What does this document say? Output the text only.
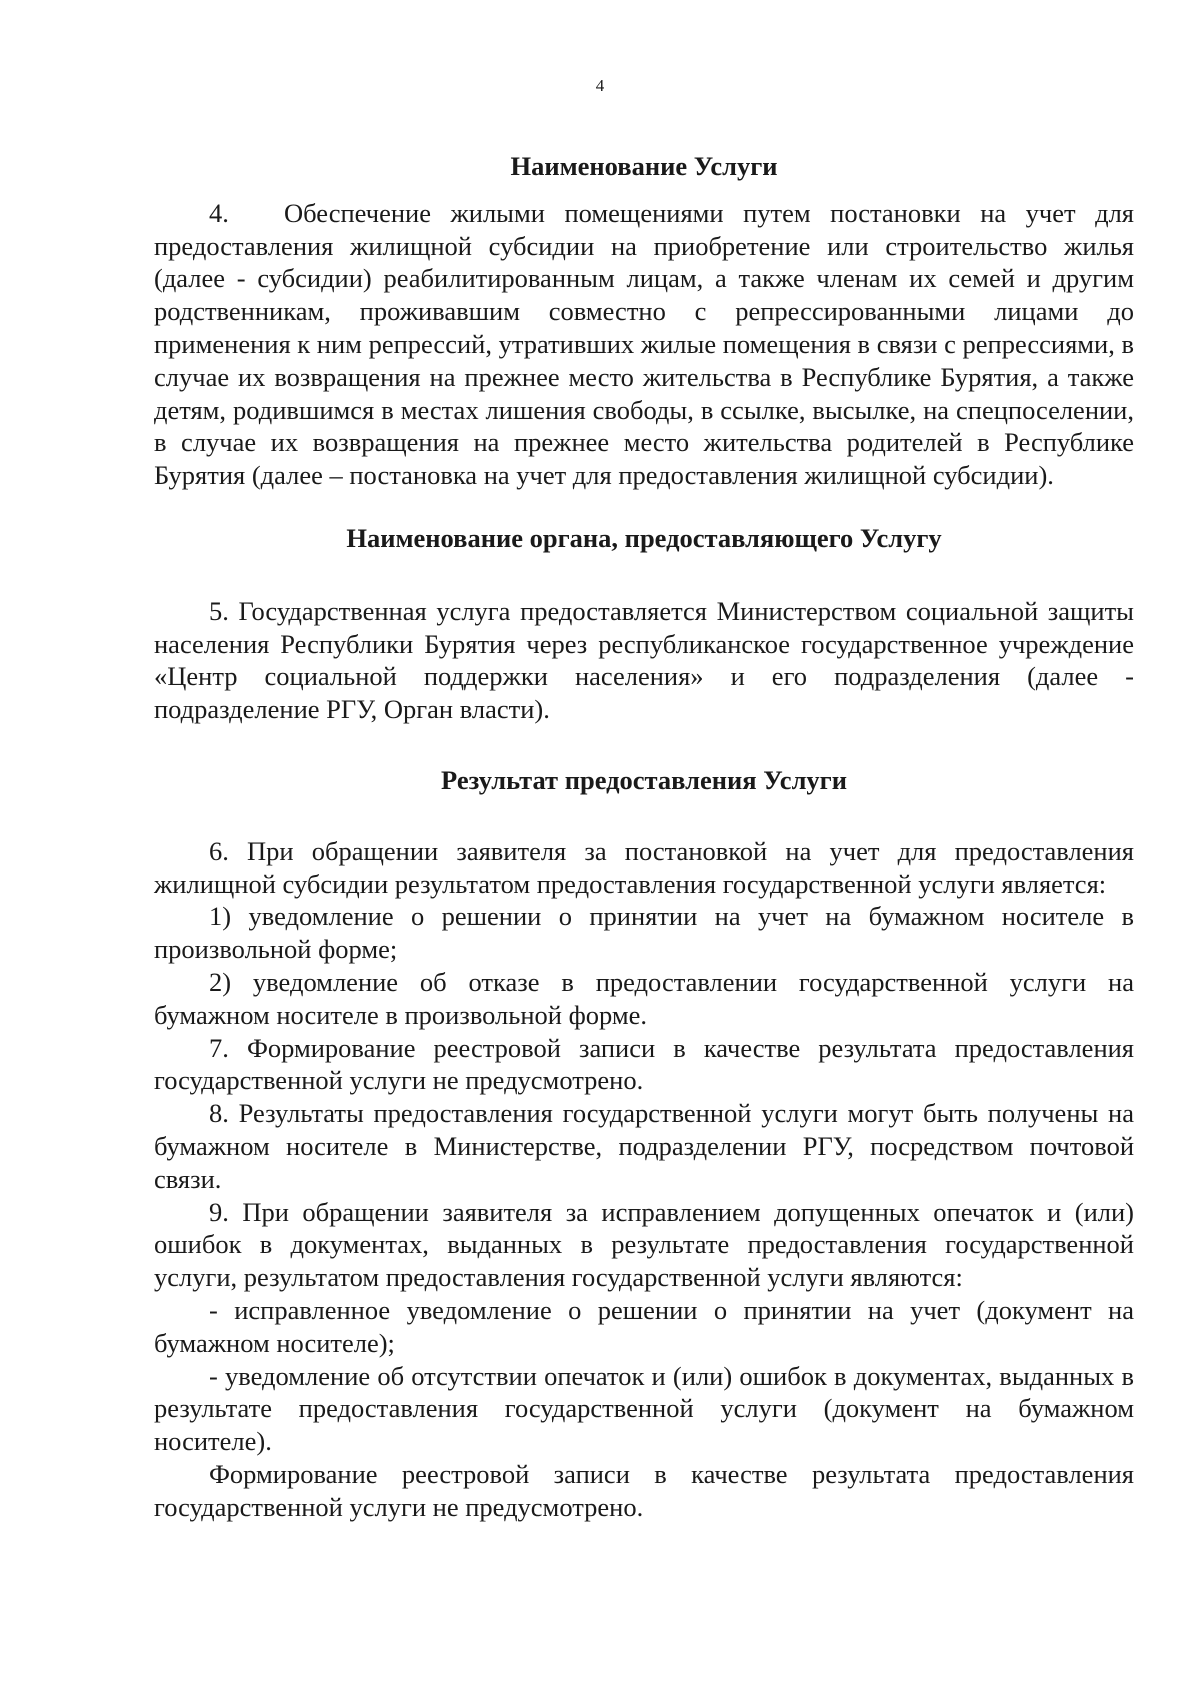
4

Наименование Услуги

4. Обеспечение жилыми помещениями путем постановки на учет для предоставления жилищной субсидии на приобретение или строительство жилья (далее - субсидии) реабилитированным лицам, а также членам их семей и другим родственникам, проживавшим совместно с репрессированными лицами до применения к ним репрессий, утративших жилые помещения в связи с репрессиями, в случае их возвращения на прежнее место жительства в Республике Бурятия, а также детям, родившимся в местах лишения свободы, в ссылке, высылке, на спецпоселении, в случае их возвращения на прежнее место жительства родителей в Республике Бурятия (далее – постановка на учет для предоставления жилищной субсидии).

Наименование органа, предоставляющего Услугу

5. Государственная услуга предоставляется Министерством социальной защиты населения Республики Бурятия через республиканское государственное учреждение «Центр социальной поддержки населения» и его подразделения (далее - подразделение РГУ, Орган власти).

Результат предоставления Услуги

6. При обращении заявителя за постановкой на учет для предоставления жилищной субсидии результатом предоставления государственной услуги является:

1) уведомление о решении о принятии на учет на бумажном носителе в произвольной форме;

2) уведомление об отказе в предоставлении государственной услуги на бумажном носителе в произвольной форме.

7. Формирование реестровой записи в качестве результата предоставления государственной услуги не предусмотрено.

8. Результаты предоставления государственной услуги могут быть получены на бумажном носителе в Министерстве, подразделении РГУ, посредством почтовой связи.

9. При обращении заявителя за исправлением допущенных опечаток и (или) ошибок в документах, выданных в результате предоставления государственной услуги, результатом предоставления государственной услуги являются:

- исправленное уведомление о решении о принятии на учет (документ на бумажном носителе);

- уведомление об отсутствии опечаток и (или) ошибок в документах, выданных в результате предоставления государственной услуги (документ на бумажном носителе).

Формирование реестровой записи в качестве результата предоставления государственной услуги не предусмотрено.
